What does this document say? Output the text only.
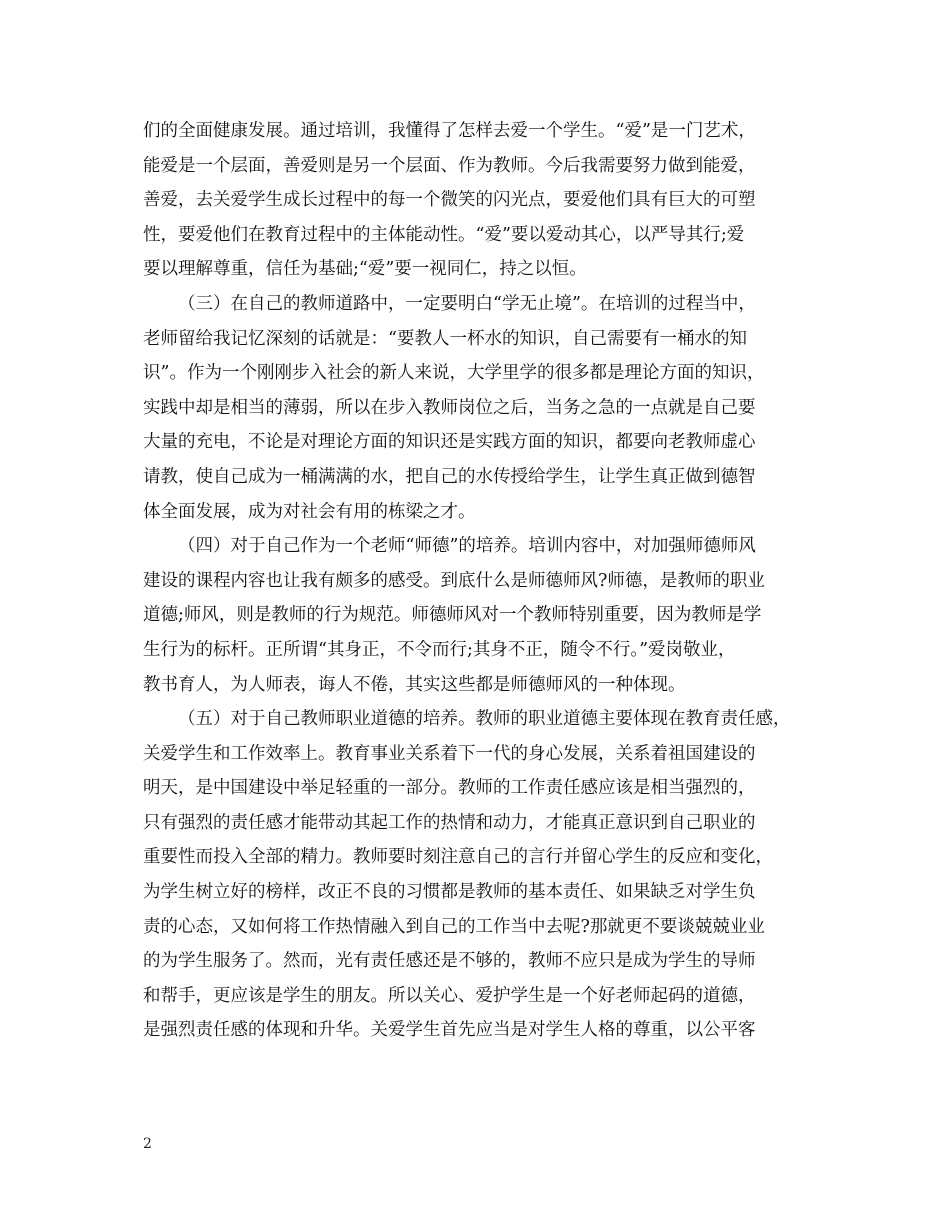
们的全面健康发展。通过培训，我懂得了怎样去爱一个学生。“爱”是一门艺术，
能爱是一个层面，善爱则是另一个层面、作为教师。今后我需要努力做到能爱，
善爱，去关爱学生成长过程中的每一个微笑的闪光点，要爱他们具有巨大的可塑
性，要爱他们在教育过程中的主体能动性。“爱”要以爱动其心，以严导其行;爱
要以理解尊重，信任为基础;“爱”要一视同仁，持之以恒。
（三）在自己的教师道路中，一定要明白“学无止境”。在培训的过程当中，
老师留给我记忆深刻的话就是：“要教人一杯水的知识，自己需要有一桶水的知
识”。作为一个刚刚步入社会的新人来说，大学里学的很多都是理论方面的知识，
实践中却是相当的薄弱，所以在步入教师岗位之后，当务之急的一点就是自己要
大量的充电，不论是对理论方面的知识还是实践方面的知识，都要向老教师虚心
请教，使自己成为一桶满满的水，把自己的水传授给学生，让学生真正做到德智
体全面发展，成为对社会有用的栋梁之才。
（四）对于自己作为一个老师“师德”的培养。培训内容中，对加强师德师风
建设的课程内容也让我有颇多的感受。到底什么是师德师风?师德，是教师的职业
道德;师风，则是教师的行为规范。师德师风对一个教师特别重要，因为教师是学
生行为的标杆。正所谓“其身正，不令而行;其身不正，随令不行。”爱岗敬业，
教书育人，为人师表，诲人不倦，其实这些都是师德师风的一种体现。
（五）对于自己教师职业道德的培养。教师的职业道德主要体现在教育责任感，
关爱学生和工作效率上。教育事业关系着下一代的身心发展，关系着祖国建设的
明天，是中国建设中举足轻重的一部分。教师的工作责任感应该是相当强烈的，
只有强烈的责任感才能带动其起工作的热情和动力，才能真正意识到自己职业的
重要性而投入全部的精力。教师要时刻注意自己的言行并留心学生的反应和变化，
为学生树立好的榜样，改正不良的习惯都是教师的基本责任、如果缺乏对学生负
责的心态，又如何将工作热情融入到自己的工作当中去呢?那就更不要谈兢兢业业
的为学生服务了。然而，光有责任感还是不够的，教师不应只是成为学生的导师
和帮手，更应该是学生的朋友。所以关心、爱护学生是一个好老师起码的道德，
是强烈责任感的体现和升华。关爱学生首先应当是对学生人格的尊重，以公平客
2
